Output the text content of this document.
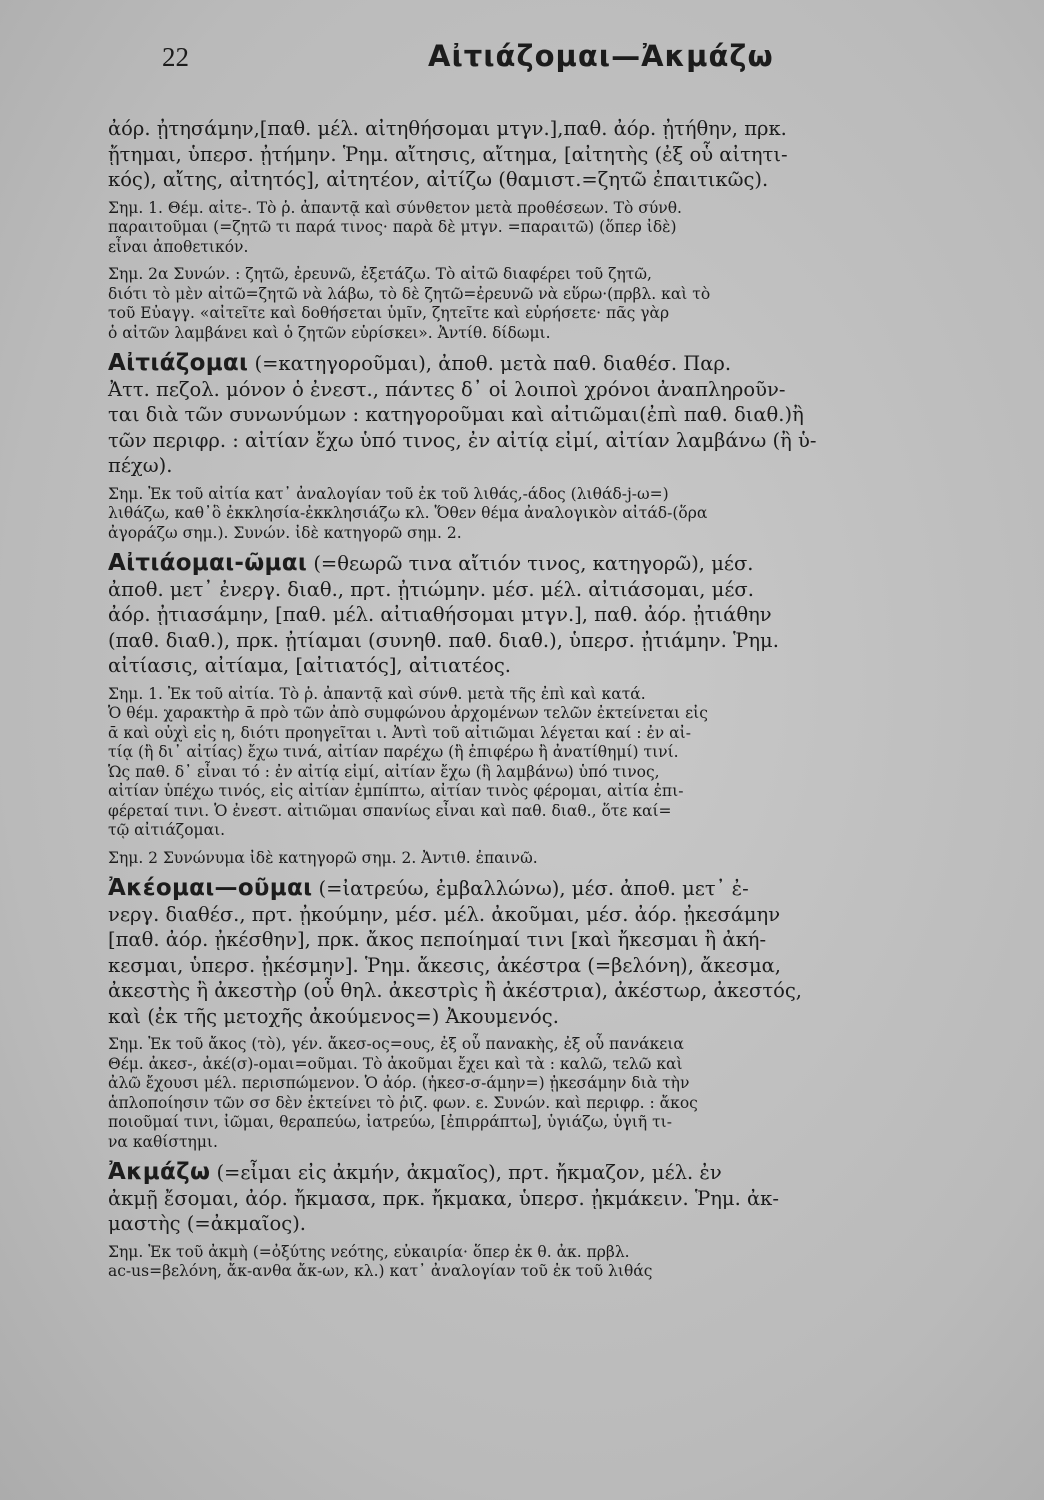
22	Αἰτιάζομαι—Ἀκμάζω

ἀόρ. ᾐτησάμην,[παθ. μέλ. αἰτηθήσομαι μτγν.],παθ. ἀόρ. ᾐτήθην, πρκ.
ᾔτημαι, ὑπερσ. ᾐτήμην. Ῥημ. αἴτησις, αἴτημα, [αἰτητὴς (ἐξ οὗ αἰτητι-
κός), αἴτης, αἰτητός], αἰτητέον, αἰτίζω (θαμιστ.=ζητῶ ἐπαιτικῶς).

Σημ. 1. Θέμ. αἰτε-. Τὸ ῥ. ἀπαντᾷ καὶ σύνθετον μετὰ προθέσεων. Τὸ σύνθ.
παραιτοῦμαι (=ζητῶ τι παρά τινος· παρὰ δὲ μτγν. =παραιτῶ) (ὅπερ ἰδὲ)
εἶναι ἀποθετικόν.

Σημ. 2α Συνών. : ζητῶ, ἐρευνῶ, ἐξετάζω. Τὸ αἰτῶ διαφέρει τοῦ ζητῶ,
διότι τὸ μὲν αἰτῶ=ζητῶ νὰ λάβω, τὸ δὲ ζητῶ=ἐρευνῶ νὰ εὕρω·(πρβλ. καὶ τὸ
τοῦ Εὐαγγ. «αἰτεῖτε καὶ δοθήσεται ὑμῖν, ζητεῖτε καὶ εὑρήσετε· πᾶς γὰρ
ὁ αἰτῶν λαμβάνει καὶ ὁ ζητῶν εὑρίσκει». Ἀντίθ. δίδωμι.

Αἰτιάζομαι (=κατηγοροῦμαι), ἀποθ. μετὰ παθ. διαθέσ. Παρ.
Ἀττ. πεζολ. μόνον ὁ ἐνεστ., πάντες δ᾽ οἱ λοιποὶ χρόνοι ἀναπληροῦν-
ται διὰ τῶν συνωνύμων : κατηγοροῦμαι καὶ αἰτιῶμαι(ἐπὶ παθ. διαθ.)ἢ
τῶν περιφρ. : αἰτίαν ἔχω ὑπό τινος, ἐν αἰτίᾳ εἰμί, αἰτίαν λαμβάνω (ἢ ὑ-
πέχω).

Σημ. Ἐκ τοῦ αἰτία κατ᾽ ἀναλογίαν τοῦ ἐκ τοῦ λιθάς,-άδος (λιθάδ-j-ω=)
λιθάζω, καθ᾽ὃ ἐκκλησία-ἐκκλησιάζω κλ. Ὅθεν θέμα ἀναλογικὸν αἰτάδ-(ὅρα
ἀγοράζω σημ.). Συνών. ἰδὲ κατηγορῶ σημ. 2.

Αἰτιάομαι-ῶμαι (=θεωρῶ τινα αἴτιόν τινος, κατηγορῶ), μέσ.
ἀποθ. μετ᾽ ἐνεργ. διαθ., πρτ. ᾐτιώμην. μέσ. μέλ. αἰτιάσομαι, μέσ.
ἀόρ. ᾐτιασάμην, [παθ. μέλ. αἰτιαθήσομαι μτγν.], παθ. ἀόρ. ᾐτιάθην
(παθ. διαθ.), πρκ. ᾐτίαμαι (συνηθ. παθ. διαθ.), ὑπερσ. ᾐτιάμην. Ῥημ.
αἰτίασις, αἰτίαμα, [αἰτιατός], αἰτιατέος.

Σημ. 1. Ἐκ τοῦ αἰτία. Τὸ ῥ. ἀπαντᾷ καὶ σύνθ. μετὰ τῆς ἐπὶ καὶ κατά.
Ὁ θέμ. χαρακτὴρ ᾱ πρὸ τῶν ἀπὸ συμφώνου ἀρχομένων τελῶν ἐκτείνεται εἰς
ᾱ καὶ οὐχὶ εἰς η, διότι προηγεῖται ι. Ἀντὶ τοῦ αἰτιῶμαι λέγεται καί : ἐν αἰ-
τίᾳ (ἢ δι᾽ αἰτίας) ἔχω τινά, αἰτίαν παρέχω (ἢ ἐπιφέρω ἢ ἀνατίθημί) τινί.
Ὡς παθ. δ᾽ εἶναι τό : ἐν αἰτίᾳ εἰμί, αἰτίαν ἔχω (ἢ λαμβάνω) ὑπό τινος,
αἰτίαν ὑπέχω τινός, εἰς αἰτίαν ἐμπίπτω, αἰτίαν τινὸς φέρομαι, αἰτία ἐπι-
φέρεταί τινι. Ὁ ἐνεστ. αἰτιῶμαι σπανίως εἶναι καὶ παθ. διαθ., ὅτε καί=
τῷ αἰτιάζομαι.

Σημ. 2 Συνώνυμα ἰδὲ κατηγορῶ σημ. 2. Ἀντιθ. ἐπαινῶ.

Ἀκέομαι—οῦμαι (=ἰατρεύω, ἐμβαλλώνω), μέσ. ἀποθ. μετ᾽ ἐ-
νεργ. διαθέσ., πρτ. ᾐκούμην, μέσ. μέλ. ἀκοῦμαι, μέσ. ἀόρ. ᾐκεσάμην
[παθ. ἀόρ. ᾐκέσθην], πρκ. ἄκος πεποίημαί τινι [καὶ ἤκεσμαι ἢ ἀκή-
κεσμαι, ὑπερσ. ᾐκέσμην]. Ῥημ. ἄκεσις, ἀκέστρα (=βελόνη), ἄκεσμα,
ἀκεστὴς ἢ ἀκεστὴρ (οὗ θηλ. ἀκεστρὶς ἢ ἀκέστρια), ἀκέστωρ, ἀκεστός,
καὶ (ἐκ τῆς μετοχῆς ἀκούμενος=) Ἀκουμενός.

Σημ. Ἐκ τοῦ ἄκος (τὸ), γέν. ἄκεσ-ος=ους, ἐξ οὗ πανακὴς, ἐξ οὗ πανάκεια
Θέμ. ἀκεσ-, ἀκέ(σ)-ομαι=οῦμαι. Τὸ ἀκοῦμαι ἔχει καὶ τὰ : καλῶ, τελῶ καὶ
ἀλῶ ἔχουσι μέλ. περισπώμενον. Ὁ ἀόρ. (ἠκεσ-σ-άμην=) ᾐκεσάμην διὰ τὴν
ἁπλοποίησιν τῶν σσ δὲν ἐκτείνει τὸ ῥιζ. φων. ε. Συνών. καὶ περιφρ. : ἄκος
ποιοῦμαί τινι, ἰῶμαι, θεραπεύω, ἰατρεύω, [ἐπιρράπτω], ὑγιάζω, ὑγιῆ τι-
να καθίστημι.

Ἀκμάζω (=εἶμαι εἰς ἀκμήν, ἀκμαῖος), πρτ. ἤκμαζον, μέλ. ἐν
ἀκμῇ ἔσομαι, ἀόρ. ἤκμασα, πρκ. ἤκμακα, ὑπερσ. ᾐκμάκειν. Ῥημ. ἀκ-
μαστὴς (=ἀκμαῖος).

Σημ. Ἐκ τοῦ ἀκμὴ (=ὀξύτης νεότης, εὐκαιρία· ὅπερ ἐκ θ. ἀκ. πρβλ.
ac-us=βελόνη, ἄκ-ανθα ἄκ-ων, κλ.) κατ᾽ ἀναλογίαν τοῦ ἐκ τοῦ λιθάς
